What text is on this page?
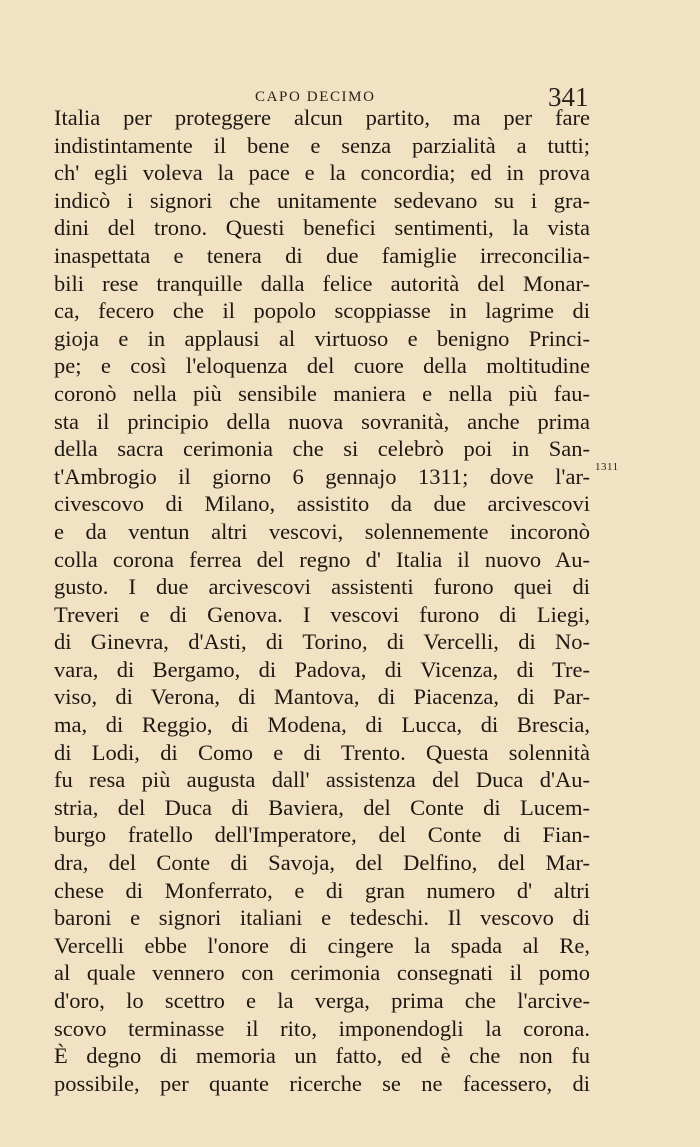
CAPO DECIMO	341
Italia per proteggere alcun partito, ma per fare
indistintamente il bene e senza parzialità a tutti;
ch' egli voleva la pace e la concordia; ed in prova
indicò i signori che unitamente sedevano su i gra-
dini del trono. Questi benefici sentimenti, la vista
inaspettata e tenera di due famiglie irreconcilia-
bili rese tranquille dalla felice autorità del Monar-
ca, fecero che il popolo scoppiasse in lagrime di
gioja e in applausi al virtuoso e benigno Princi-
pe; e così l'eloquenza del cuore della moltitudine
coronò nella più sensibile maniera e nella più fau-
sta il principio della nuova sovranità, anche prima
della sacra cerimonia che si celebrò poi in San-
t'Ambrogio il giorno 6 gennajo 1311; dove l'ar-
civescovo di Milano, assistito da due arcivescovi
e da ventun altri vescovi, solennemente incoronò
colla corona ferrea del regno d' Italia il nuovo Au-
gusto. I due arcivescovi assistenti furono quei di
Treveri e di Genova. I vescovi furono di Liegi,
di Ginevra, d'Asti, di Torino, di Vercelli, di No-
vara, di Bergamo, di Padova, di Vicenza, di Tre-
viso, di Verona, di Mantova, di Piacenza, di Par-
ma, di Reggio, di Modena, di Lucca, di Brescia,
di Lodi, di Como e di Trento. Questa solennità
fu resa più augusta dall' assistenza del Duca d'Au-
stria, del Duca di Baviera, del Conte di Lucem-
burgo fratello dell'Imperatore, del Conte di Fian-
dra, del Conte di Savoja, del Delfino, del Mar-
chese di Monferrato, e di gran numero d' altri
baroni e signori italiani e tedeschi. Il vescovo di
Vercelli ebbe l'onore di cingere la spada al Re,
al quale vennero con cerimonia consegnati il pomo
d'oro, lo scettro e la verga, prima che l'arcive-
scovo terminasse il rito, imponendogli la corona.
È degno di memoria un fatto, ed è che non fu
possibile, per quante ricerche se ne facessero, di
1311
